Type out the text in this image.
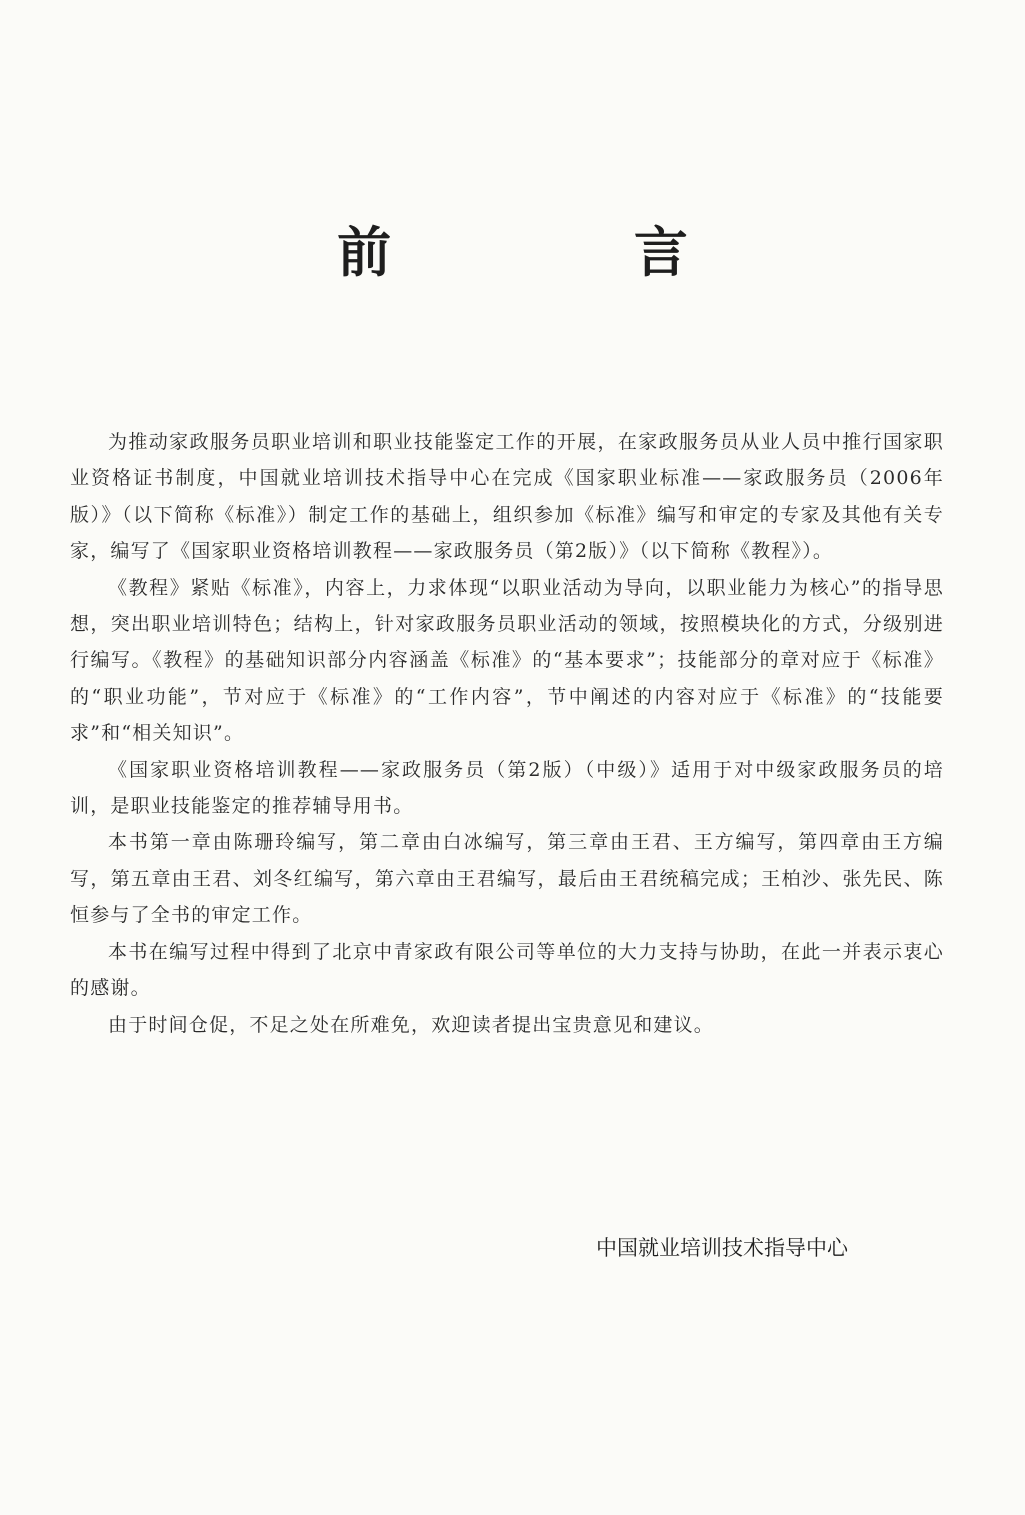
前 言

为推动家政服务员职业培训和职业技能鉴定工作的开展，在家政服务员从业人员中推行国家职业资格证书制度，中国就业培训技术指导中心在完成《国家职业标准——家政服务员（2006年版）》（以下简称《标准》）制定工作的基础上，组织参加《标准》编写和审定的专家及其他有关专家，编写了《国家职业资格培训教程——家政服务员（第2版）》（以下简称《教程》）。

《教程》紧贴《标准》，内容上，力求体现“以职业活动为导向，以职业能力为核心”的指导思想，突出职业培训特色；结构上，针对家政服务员职业活动的领域，按照模块化的方式，分级别进行编写。《教程》的基础知识部分内容涵盖《标准》的“基本要求”；技能部分的章对应于《标准》的“职业功能”，节对应于《标准》的“工作内容”，节中阐述的内容对应于《标准》的“技能要求”和“相关知识”。

《国家职业资格培训教程——家政服务员（第2版）（中级）》适用于对中级家政服务员的培训，是职业技能鉴定的推荐辅导用书。

本书第一章由陈珊玲编写，第二章由白冰编写，第三章由王君、王方编写，第四章由王方编写，第五章由王君、刘冬红编写，第六章由王君编写，最后由王君统稿完成；王柏沙、张先民、陈恒参与了全书的审定工作。

本书在编写过程中得到了北京中青家政有限公司等单位的大力支持与协助，在此一并表示衷心的感谢。

由于时间仓促，不足之处在所难免，欢迎读者提出宝贵意见和建议。

中国就业培训技术指导中心
